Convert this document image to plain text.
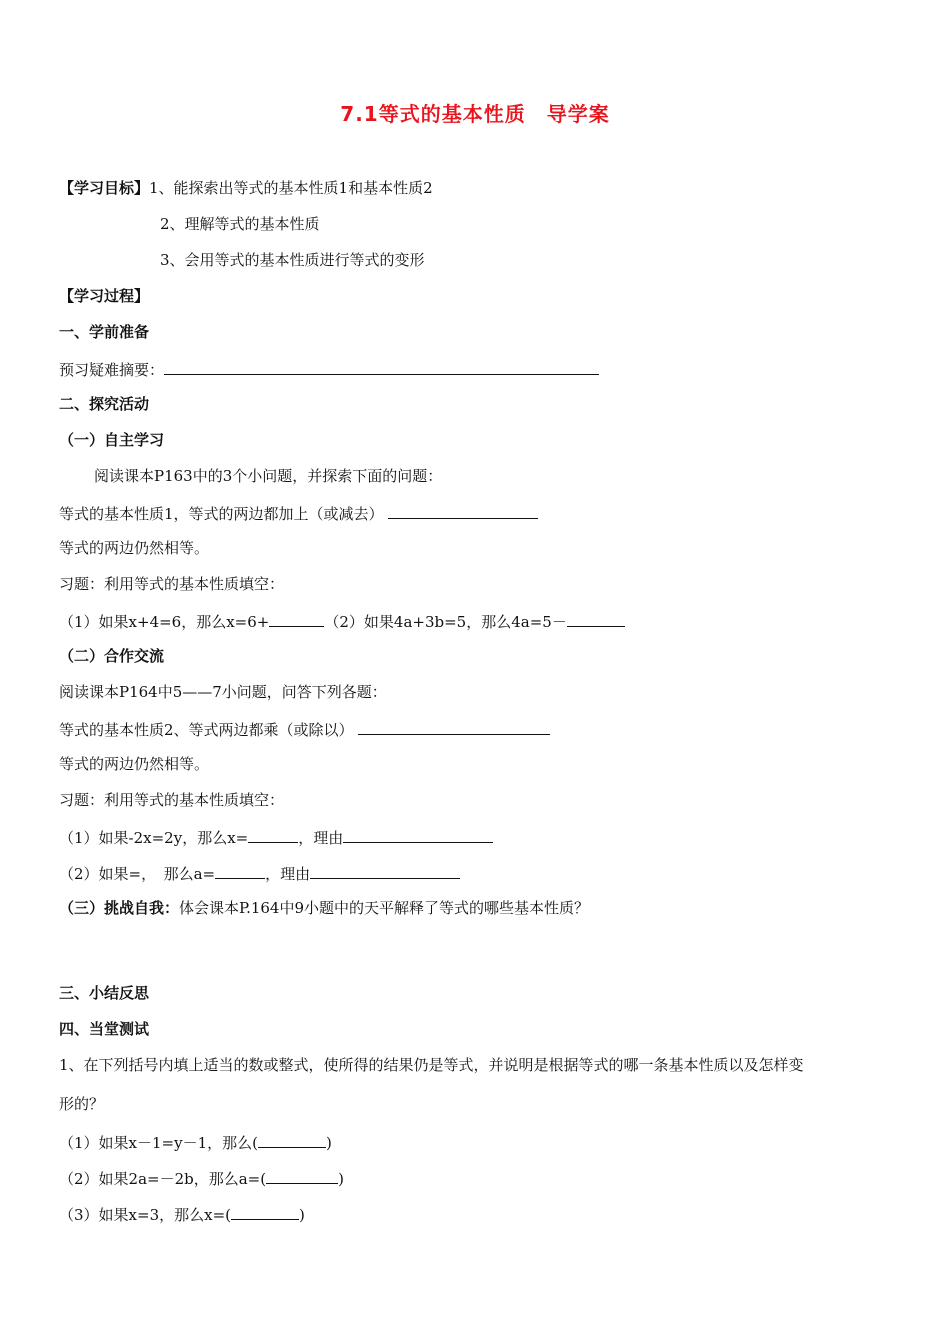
7.1等式的基本性质　导学案
【学习目标】1、能探索出等式的基本性质1和基本性质2
2、理解等式的基本性质
3、会用等式的基本性质进行等式的变形
【学习过程】
一、学前准备
预习疑难摘要：
二、探究活动
（一）自主学习
阅读课本P163中的3个小问题，并探索下面的问题：
等式的基本性质1，等式的两边都加上（或减去）
等式的两边仍然相等。
习题：利用等式的基本性质填空：
（1）如果x+4=6，那么x=6+	（2）如果4a+3b=5，那么4a=5－
（二）合作交流
阅读课本P164中5——7小问题，问答下列各题：
等式的基本性质2、等式两边都乘（或除以）
等式的两边仍然相等。
习题：利用等式的基本性质填空：
（1）如果-2x=2y，那么x=	，理由
（2）如果=，　那么a=	，理由
（三）挑战自我：体会课本P.164中9小题中的天平解释了等式的哪些基本性质？
三、小结反思
四、当堂测试
1、在下列括号内填上适当的数或整式，使所得的结果仍是等式，并说明是根据等式的哪一条基本性质以及怎样变
形的？
（1）如果x－1=y－1，那么(	)
（2）如果2a=－2b，那么a=(	)
（3）如果x=3，那么x=(	)
